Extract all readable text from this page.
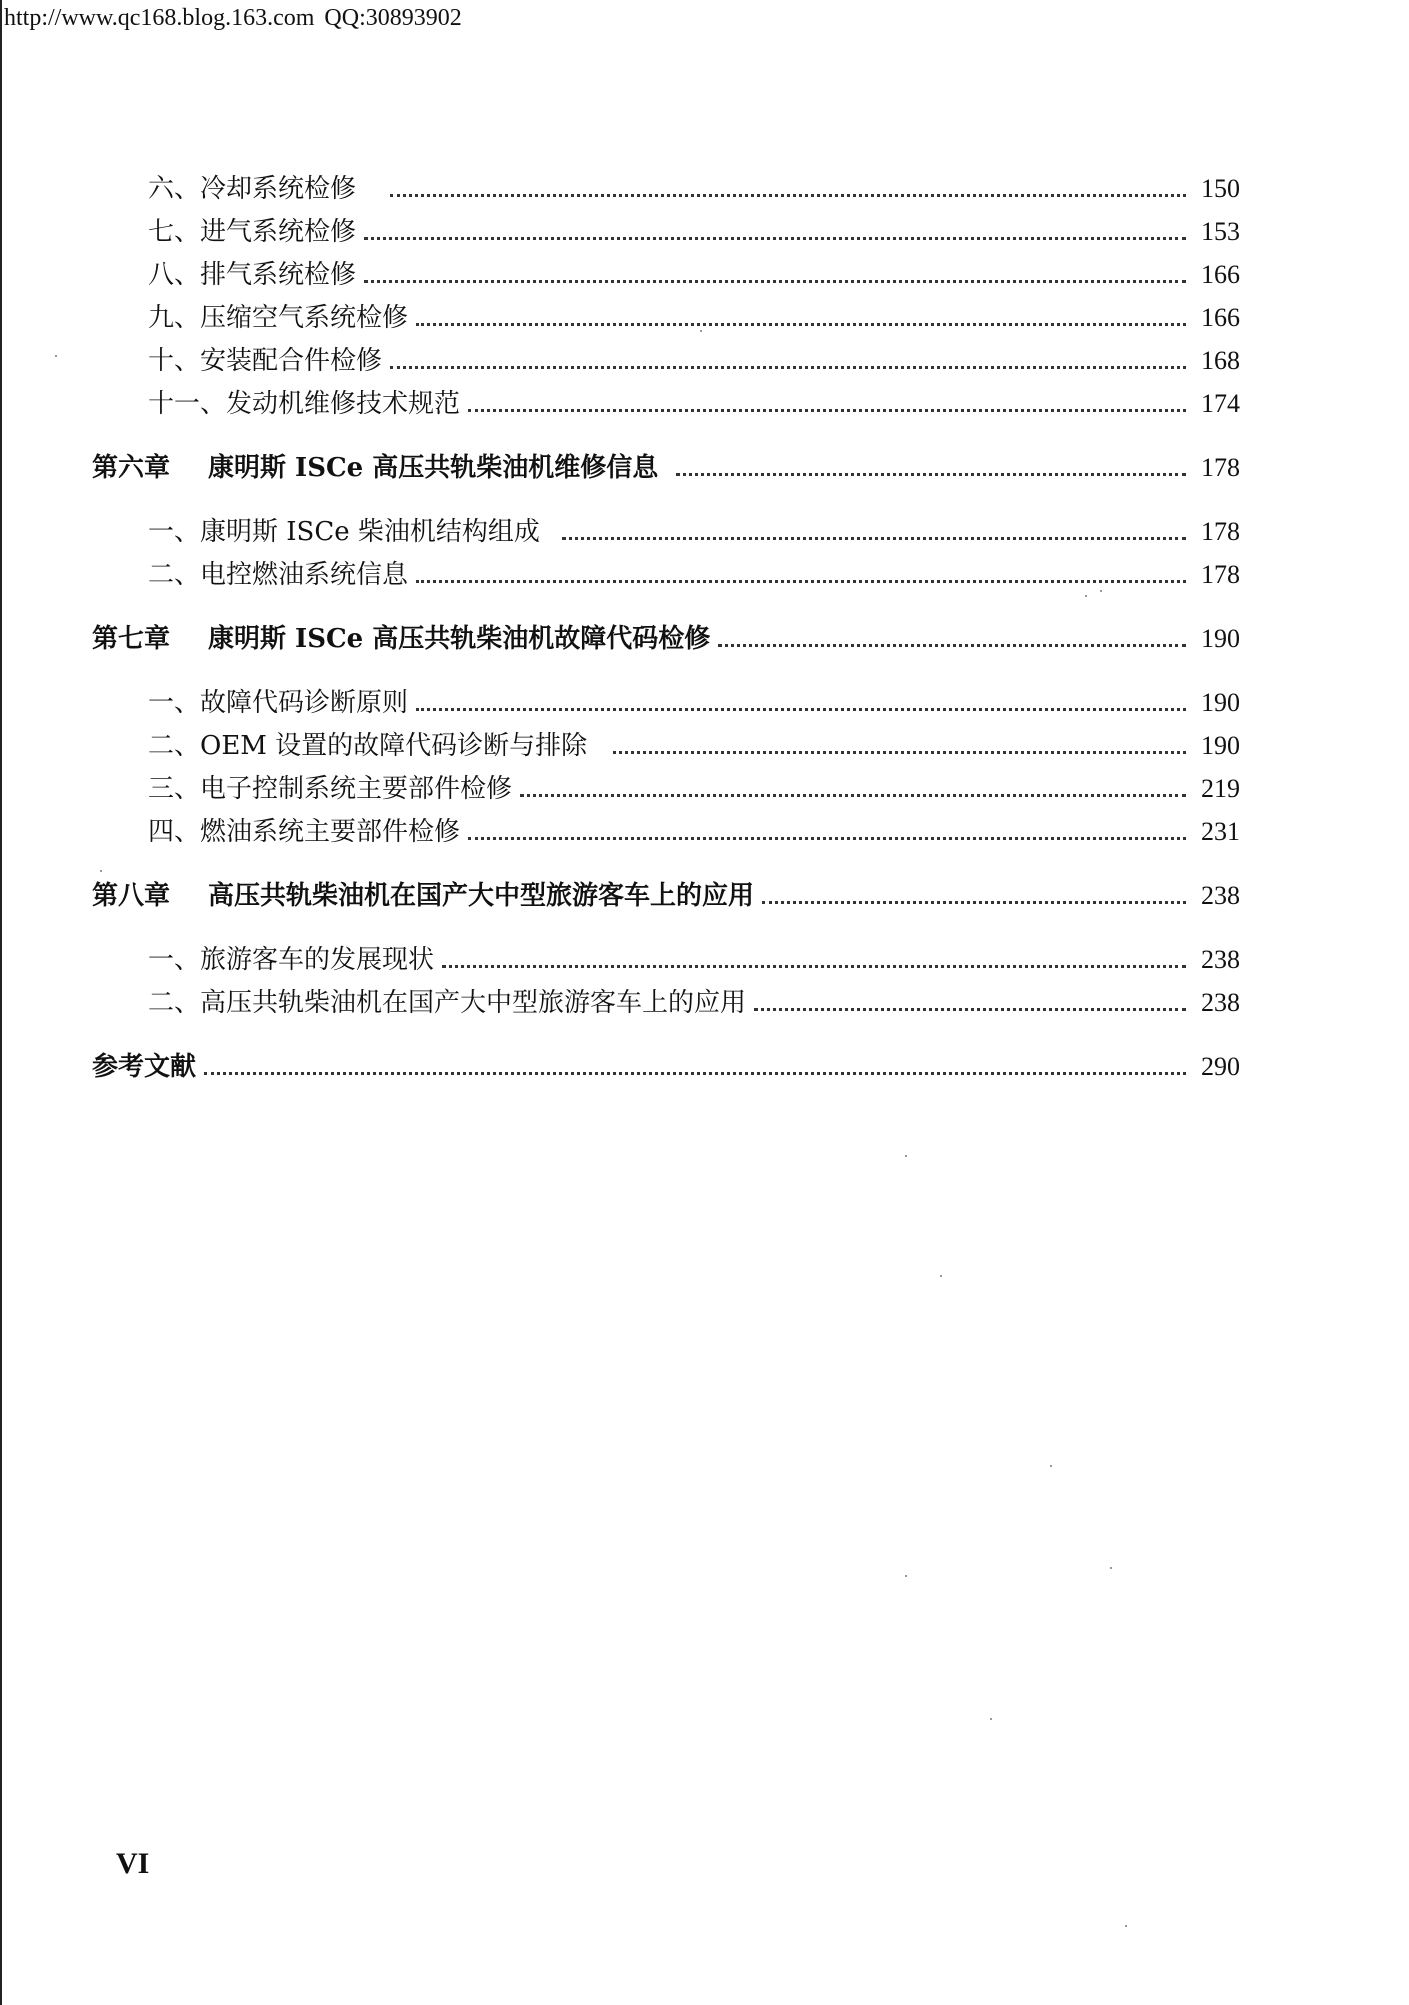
http://www.qc168.blog.163.com QQ:30893902
六、冷却系统检修	150
七、进气系统检修	153
八、排气系统检修	166
九、压缩空气系统检修	166
十、安装配合件检修	168
十一、发动机维修技术规范	174
第六章 康明斯 ISCe 高压共轨柴油机维修信息	178
一、康明斯 ISCe 柴油机结构组成	178
二、电控燃油系统信息	178
第七章 康明斯 ISCe 高压共轨柴油机故障代码检修	190
一、故障代码诊断原则	190
二、OEM 设置的故障代码诊断与排除	190
三、电子控制系统主要部件检修	219
四、燃油系统主要部件检修	231
第八章 高压共轨柴油机在国产大中型旅游客车上的应用	238
一、旅游客车的发展现状	238
二、高压共轨柴油机在国产大中型旅游客车上的应用	238
参考文献	290
VI
